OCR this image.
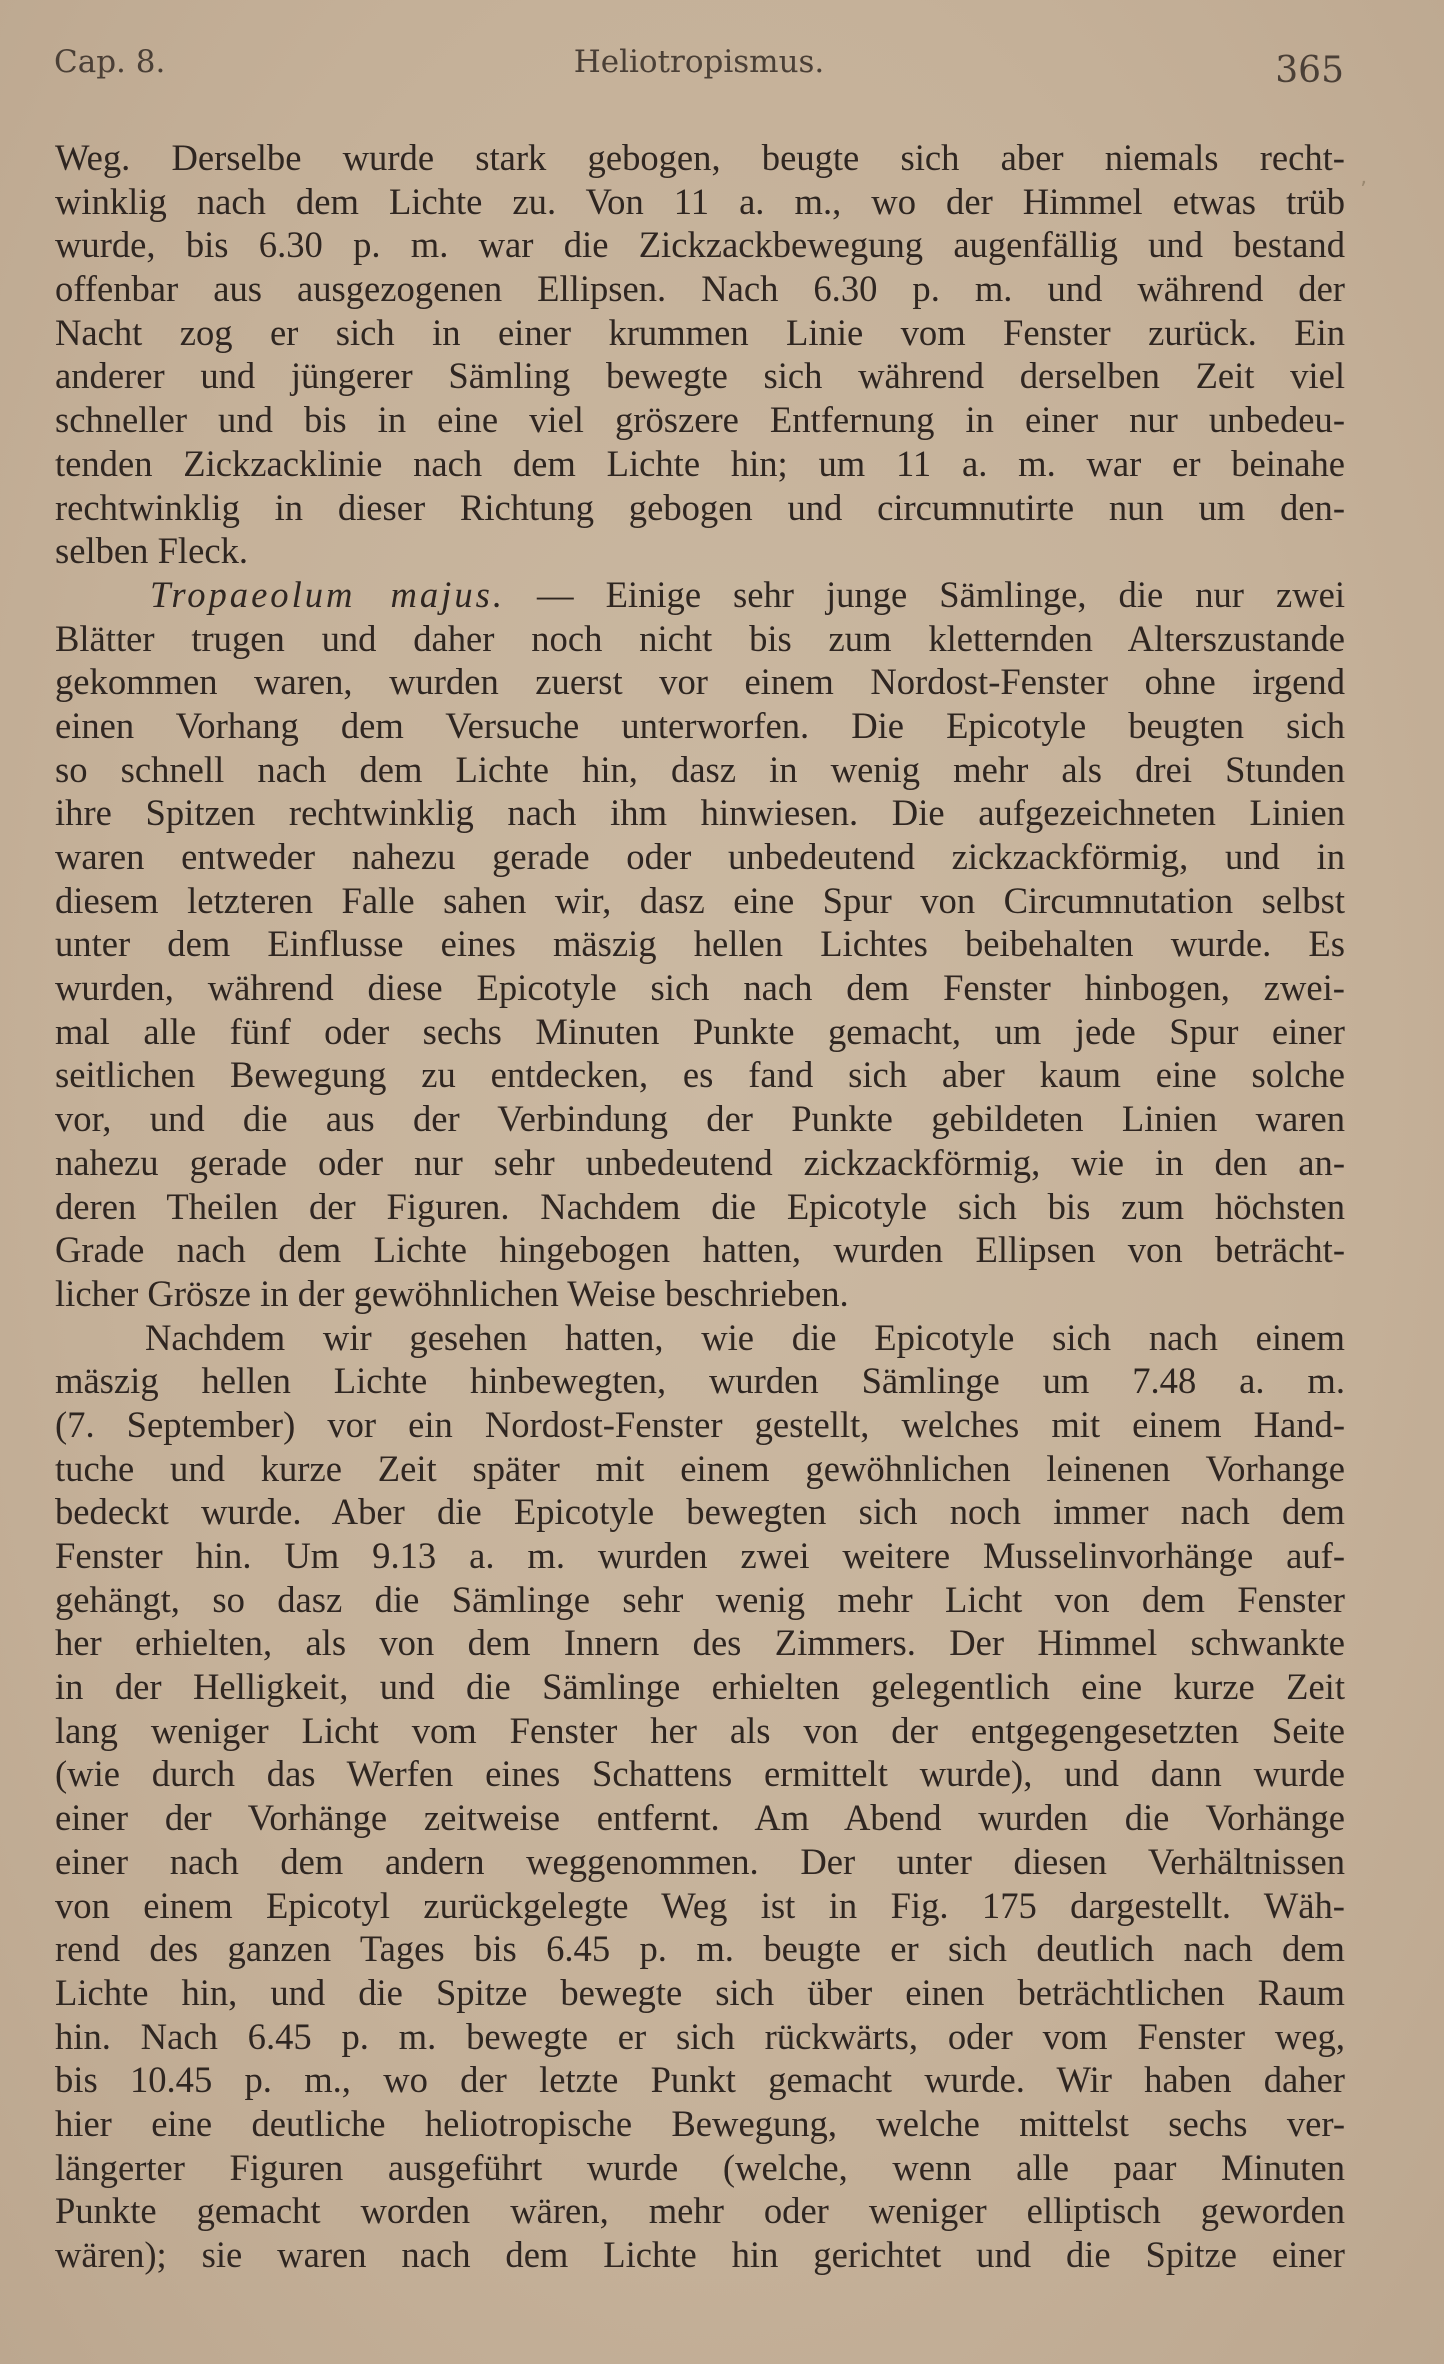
Cap. 8.	Heliotropismus.	365
ʼ
Weg. Derselbe wurde stark gebogen, beugte sich aber niemals recht-
winklig nach dem Lichte zu. Von 11 a. m., wo der Himmel etwas trüb
wurde, bis 6.30 p. m. war die Zickzackbewegung augenfällig und bestand
offenbar aus ausgezogenen Ellipsen. Nach 6.30 p. m. und während der
Nacht zog er sich in einer krummen Linie vom Fenster zurück. Ein
anderer und jüngerer Sämling bewegte sich während derselben Zeit viel
schneller und bis in eine viel gröszere Entfernung in einer nur unbedeu-
tenden Zickzacklinie nach dem Lichte hin; um 11 a. m. war er beinahe
rechtwinklig in dieser Richtung gebogen und circumnutirte nun um den-
selben Fleck.
Tropaeolum majus. — Einige sehr junge Sämlinge, die nur zwei
Blätter trugen und daher noch nicht bis zum kletternden Alterszustande
gekommen waren, wurden zuerst vor einem Nordost-Fenster ohne irgend
einen Vorhang dem Versuche unterworfen. Die Epicotyle beugten sich
so schnell nach dem Lichte hin, dasz in wenig mehr als drei Stunden
ihre Spitzen rechtwinklig nach ihm hinwiesen. Die aufgezeichneten Linien
waren entweder nahezu gerade oder unbedeutend zickzackförmig, und in
diesem letzteren Falle sahen wir, dasz eine Spur von Circumnutation selbst
unter dem Einflusse eines mäszig hellen Lichtes beibehalten wurde. Es
wurden, während diese Epicotyle sich nach dem Fenster hinbogen, zwei-
mal alle fünf oder sechs Minuten Punkte gemacht, um jede Spur einer
seitlichen Bewegung zu entdecken, es fand sich aber kaum eine solche
vor, und die aus der Verbindung der Punkte gebildeten Linien waren
nahezu gerade oder nur sehr unbedeutend zickzackförmig, wie in den an-
deren Theilen der Figuren. Nachdem die Epicotyle sich bis zum höchsten
Grade nach dem Lichte hingebogen hatten, wurden Ellipsen von beträcht-
licher Grösze in der gewöhnlichen Weise beschrieben.
Nachdem wir gesehen hatten, wie die Epicotyle sich nach einem
mäszig hellen Lichte hinbewegten, wurden Sämlinge um 7.48 a. m.
(7. September) vor ein Nordost-Fenster gestellt, welches mit einem Hand-
tuche und kurze Zeit später mit einem gewöhnlichen leinenen Vorhange
bedeckt wurde. Aber die Epicotyle bewegten sich noch immer nach dem
Fenster hin. Um 9.13 a. m. wurden zwei weitere Musselinvorhänge auf-
gehängt, so dasz die Sämlinge sehr wenig mehr Licht von dem Fenster
her erhielten, als von dem Innern des Zimmers. Der Himmel schwankte
in der Helligkeit, und die Sämlinge erhielten gelegentlich eine kurze Zeit
lang weniger Licht vom Fenster her als von der entgegengesetzten Seite
(wie durch das Werfen eines Schattens ermittelt wurde), und dann wurde
einer der Vorhänge zeitweise entfernt. Am Abend wurden die Vorhänge
einer nach dem andern weggenommen. Der unter diesen Verhältnissen
von einem Epicotyl zurückgelegte Weg ist in Fig. 175 dargestellt. Wäh-
rend des ganzen Tages bis 6.45 p. m. beugte er sich deutlich nach dem
Lichte hin, und die Spitze bewegte sich über einen beträchtlichen Raum
hin. Nach 6.45 p. m. bewegte er sich rückwärts, oder vom Fenster weg,
bis 10.45 p. m., wo der letzte Punkt gemacht wurde. Wir haben daher
hier eine deutliche heliotropische Bewegung, welche mittelst sechs ver-
längerter Figuren ausgeführt wurde (welche, wenn alle paar Minuten
Punkte gemacht worden wären, mehr oder weniger elliptisch geworden
wären); sie waren nach dem Lichte hin gerichtet und die Spitze einer
